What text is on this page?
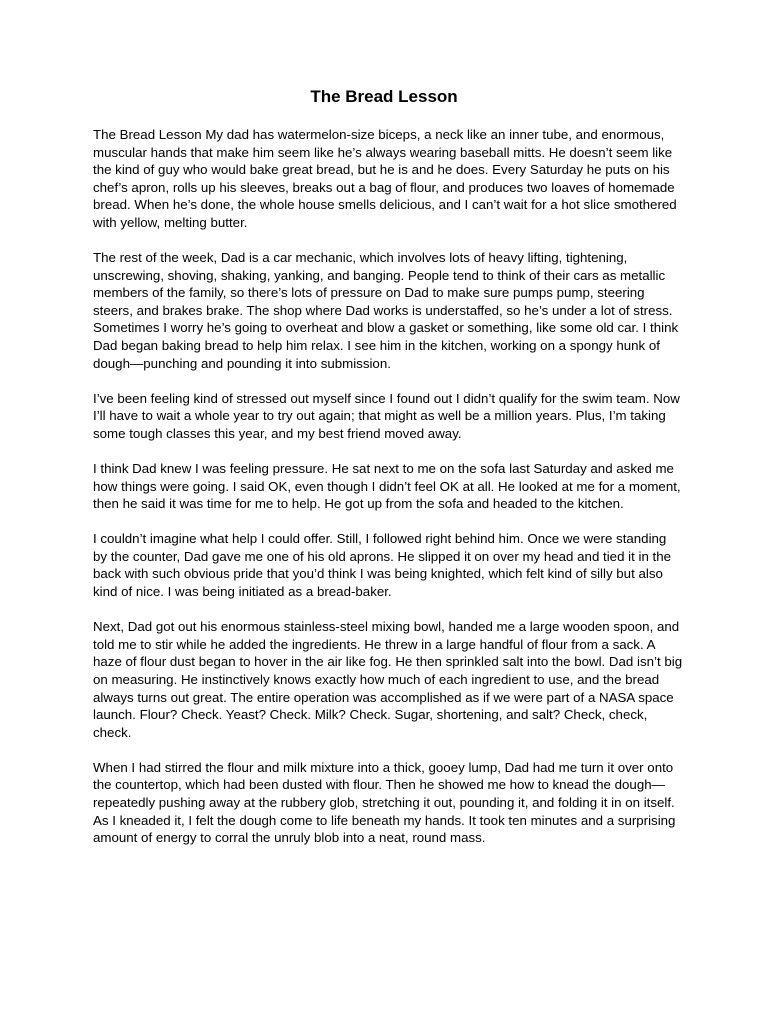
The Bread Lesson

The Bread Lesson My dad has watermelon-size biceps, a neck like an inner tube, and enormous, muscular hands that make him seem like he’s always wearing baseball mitts. He doesn’t seem like the kind of guy who would bake great bread, but he is and he does. Every Saturday he puts on his chef’s apron, rolls up his sleeves, breaks out a bag of flour, and produces two loaves of homemade bread. When he’s done, the whole house smells delicious, and I can’t wait for a hot slice smothered with yellow, melting butter.

The rest of the week, Dad is a car mechanic, which involves lots of heavy lifting, tightening, unscrewing, shoving, shaking, yanking, and banging. People tend to think of their cars as metallic members of the family, so there’s lots of pressure on Dad to make sure pumps pump, steering steers, and brakes brake. The shop where Dad works is understaffed, so he’s under a lot of stress. Sometimes I worry he’s going to overheat and blow a gasket or something, like some old car. I think Dad began baking bread to help him relax. I see him in the kitchen, working on a spongy hunk of dough—punching and pounding it into submission.

I’ve been feeling kind of stressed out myself since I found out I didn’t qualify for the swim team. Now I’ll have to wait a whole year to try out again; that might as well be a million years. Plus, I’m taking some tough classes this year, and my best friend moved away.

I think Dad knew I was feeling pressure. He sat next to me on the sofa last Saturday and asked me how things were going. I said OK, even though I didn’t feel OK at all. He looked at me for a moment, then he said it was time for me to help. He got up from the sofa and headed to the kitchen.

I couldn’t imagine what help I could offer. Still, I followed right behind him. Once we were standing by the counter, Dad gave me one of his old aprons. He slipped it on over my head and tied it in the back with such obvious pride that you’d think I was being knighted, which felt kind of silly but also kind of nice. I was being initiated as a bread-baker.

Next, Dad got out his enormous stainless-steel mixing bowl, handed me a large wooden spoon, and told me to stir while he added the ingredients. He threw in a large handful of flour from a sack. A haze of flour dust began to hover in the air like fog. He then sprinkled salt into the bowl. Dad isn’t big on measuring. He instinctively knows exactly how much of each ingredient to use, and the bread always turns out great. The entire operation was accomplished as if we were part of a NASA space launch. Flour? Check. Yeast? Check. Milk? Check. Sugar, shortening, and salt? Check, check, check.

When I had stirred the flour and milk mixture into a thick, gooey lump, Dad had me turn it over onto the countertop, which had been dusted with flour. Then he showed me how to knead the dough—repeatedly pushing away at the rubbery glob, stretching it out, pounding it, and folding it in on itself. As I kneaded it, I felt the dough come to life beneath my hands. It took ten minutes and a surprising amount of energy to corral the unruly blob into a neat, round mass.
